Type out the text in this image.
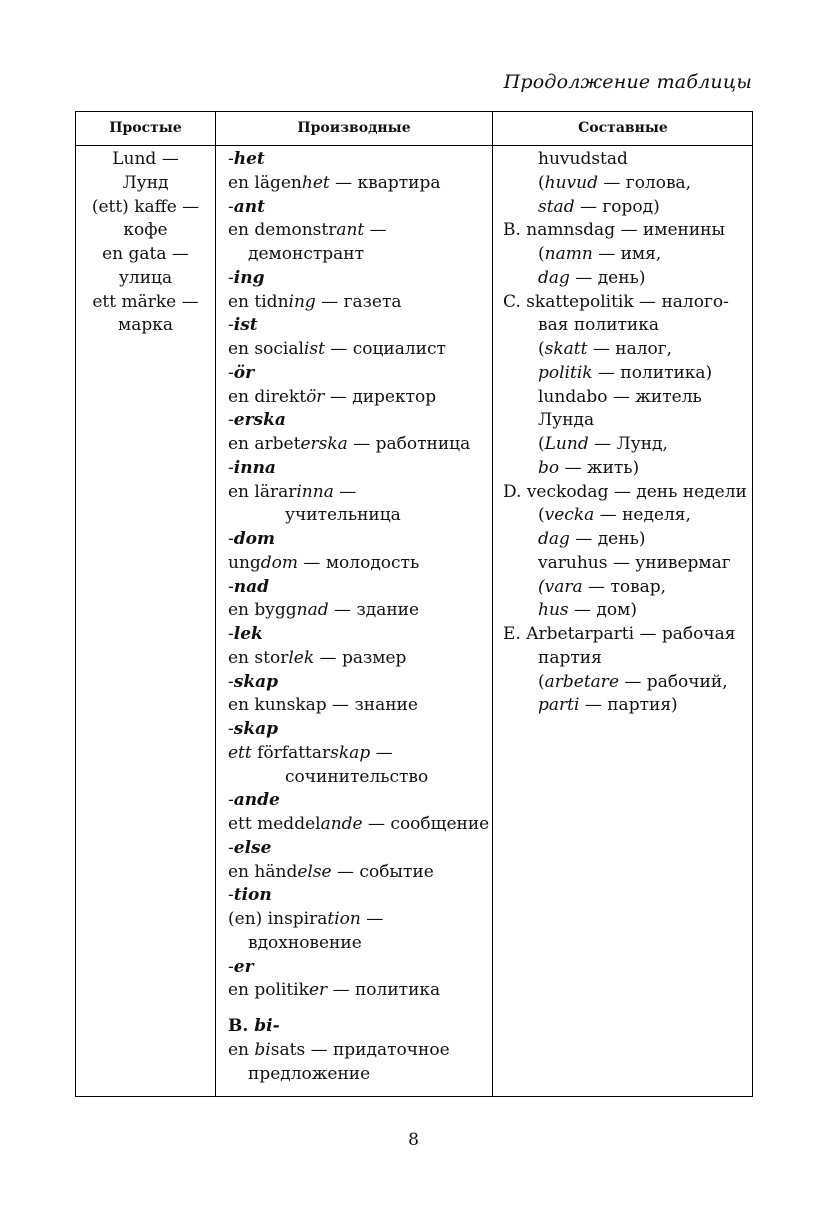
Продолжение таблицы
Простые	Производные	Составные
Lund —
Лунд
(ett) kaffe —
кофе
en gata —
улица
ett märke —
марка
-het
en lägenhet — квартира
-ant
en demonstrant —
демонстрант
-ing
en tidning — газета
-ist
en socialist — социалист
-ör
en direktör — директор
-erska
en arbeterska — работница
-inna
en lärarinna —
учительница
-dom
ungdom — молодость
-nad
en byggnad — здание
-lek
en storlek — размер
-skap
en kunskap — знание
-skap
ett författarskap —
сочинительство
-ande
ett meddelande — сообщение
-else
en händelse — событие
-tion
(en) inspiration —
вдохновение
-er
en politiker — политика
B. bi-
en bisats — придаточное
предложение
huvudstad
(huvud — голова,
stad — город)
B. namnsdag — именины
(namn — имя,
dag — день)
C. skattepolitik — налого-
вая политика
(skatt — налог,
politik — политика)
lundabo — житель
Лунда
(Lund — Лунд,
bo — жить)
D. veckodag — день недели
(vecka — неделя,
dag — день)
varuhus — универмаг
(vara — товар,
hus — дом)
E. Arbetarparti — рабочая
партия
(arbetare — рабочий,
parti — партия)
8
